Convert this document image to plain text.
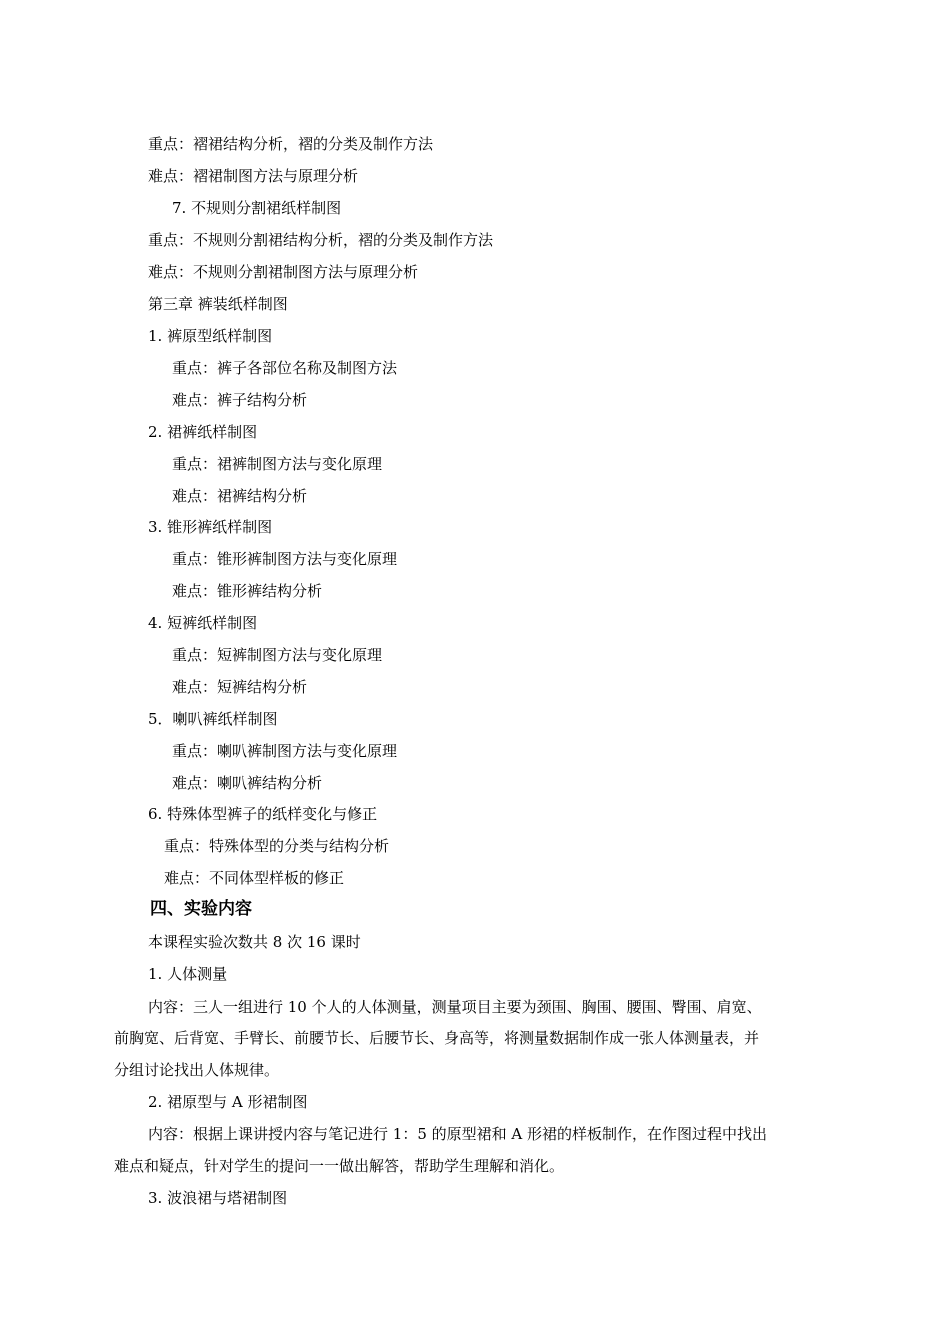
重点：褶裙结构分析，褶的分类及制作方法
难点：褶裙制图方法与原理分析
7. 不规则分割裙纸样制图
重点：不规则分割裙结构分析，褶的分类及制作方法
难点：不规则分割裙制图方法与原理分析
第三章 裤装纸样制图
1. 裤原型纸样制图
重点：裤子各部位名称及制图方法
难点：裤子结构分析
2. 裙裤纸样制图
重点：裙裤制图方法与变化原理
难点：裙裤结构分析
3. 锥形裤纸样制图
重点：锥形裤制图方法与变化原理
难点：锥形裤结构分析
4. 短裤纸样制图
重点：短裤制图方法与变化原理
难点：短裤结构分析
5．喇叭裤纸样制图
重点：喇叭裤制图方法与变化原理
难点：喇叭裤结构分析
6. 特殊体型裤子的纸样变化与修正
重点：特殊体型的分类与结构分析
难点：不同体型样板的修正
四、实验内容
本课程实验次数共 8 次 16 课时
1. 人体测量
内容：三人一组进行 10 个人的人体测量，测量项目主要为颈围、胸围、腰围、臀围、肩宽、
前胸宽、后背宽、手臂长、前腰节长、后腰节长、身高等，将测量数据制作成一张人体测量表，并
分组讨论找出人体规律。
2. 裙原型与 A 形裙制图
内容：根据上课讲授内容与笔记进行 1：5 的原型裙和 A 形裙的样板制作，在作图过程中找出
难点和疑点，针对学生的提问一一做出解答，帮助学生理解和消化。
3. 波浪裙与塔裙制图
